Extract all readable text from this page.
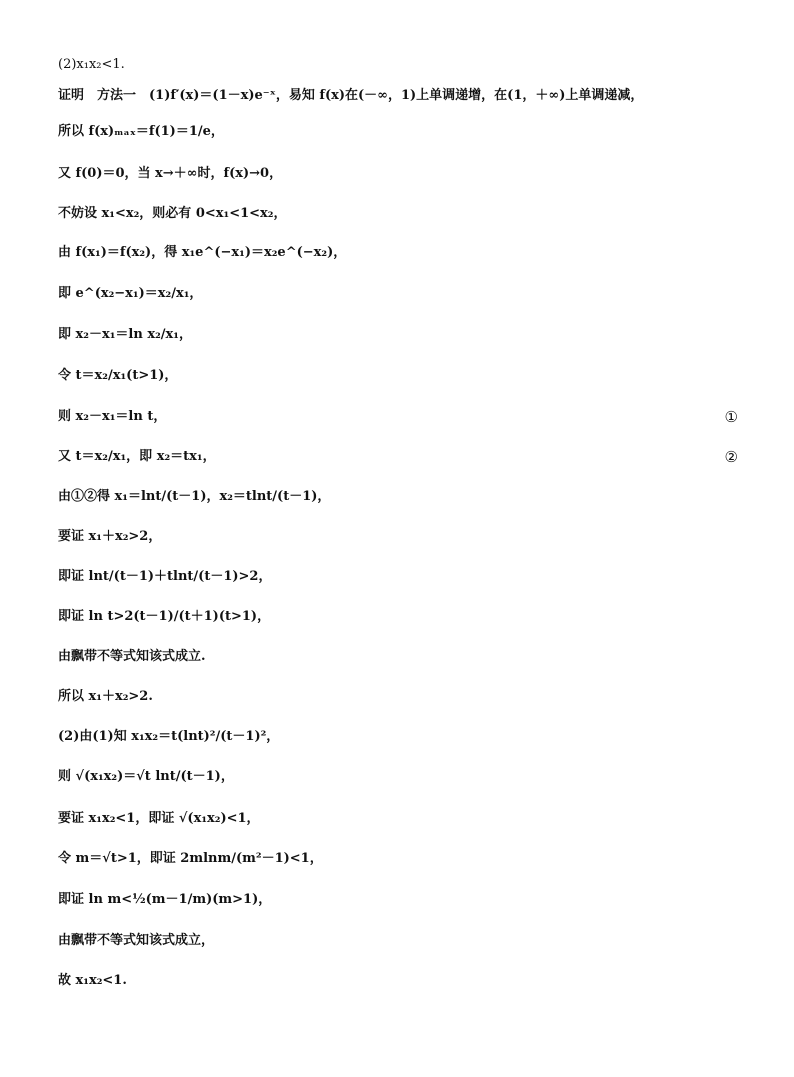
(2)x₁x₂<1.
证明　方法一　(1)f′(x)＝(1－x)e⁻ˣ，易知 f(x)在(－∞，1)上单调递增，在(1，＋∞)上单调递减，
所以 f(x)ₘₐₓ＝f(1)＝1/e，
又 f(0)＝0，当 x→＋∞时，f(x)→0，
不妨设 x₁<x₂，则必有 0<x₁<1<x₂，
由 f(x₁)＝f(x₂)，得 x₁e^(−x₁)＝x₂e^(−x₂)，
即 e^(x₂−x₁)＝x₂/x₁，
即 x₂－x₁＝ln x₂/x₁，
令 t＝x₂/x₁(t>1)，
则 x₂－x₁＝ln t，
又 t＝x₂/x₁，即 x₂＝tx₁，
由①②得 x₁＝lnt/(t－1)，x₂＝tlnt/(t－1)，
要证 x₁＋x₂>2，
即证 lnt/(t－1)＋tlnt/(t－1)>2，
即证 ln t>2(t－1)/(t＋1)(t>1)，
由飘带不等式知该式成立.
所以 x₁＋x₂>2.
(2)由(1)知 x₁x₂＝t(lnt)²/(t－1)²，
则 √(x₁x₂)＝√t lnt/(t－1)，
要证 x₁x₂<1，即证 √(x₁x₂)<1，
令 m＝√t>1，即证 2mlnm/(m²－1)<1，
即证 ln m<½(m－1/m)(m>1)，
由飘带不等式知该式成立，
故 x₁x₂<1.
①
②
